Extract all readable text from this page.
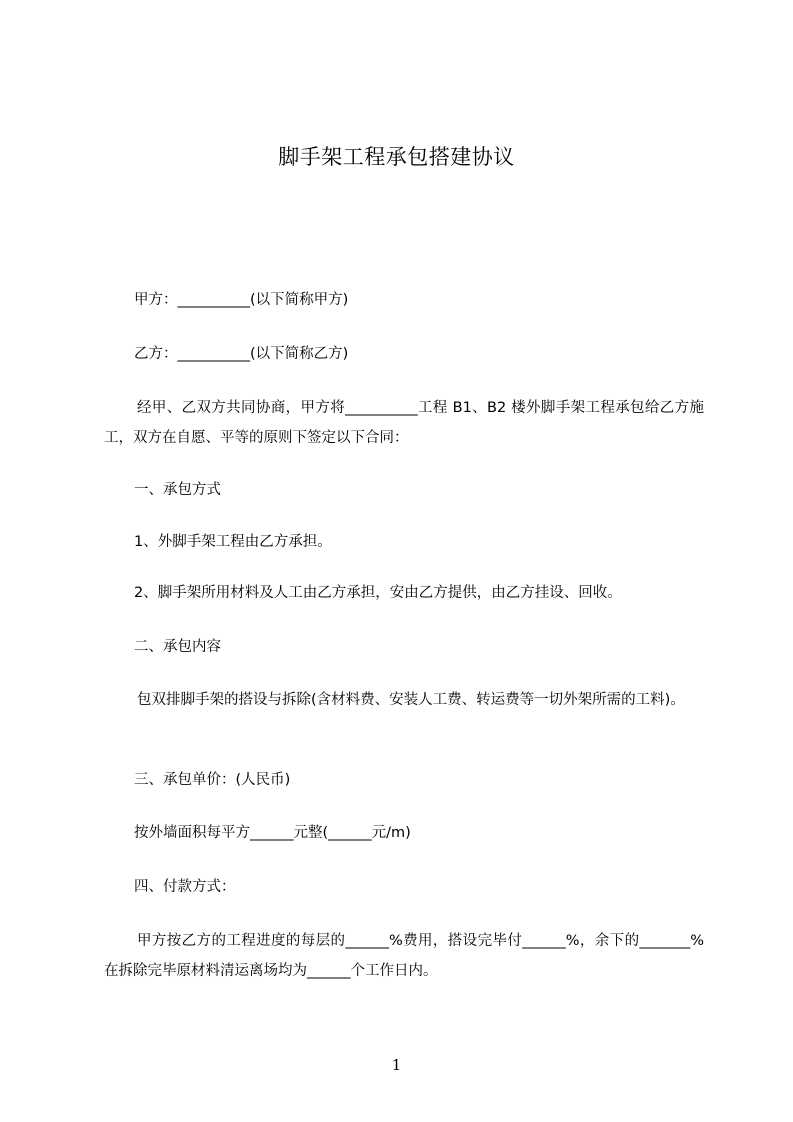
脚手架工程承包搭建协议
甲方：__________(以下简称甲方)
乙方：__________(以下简称乙方)
经甲、乙双方共同协商，甲方将__________工程 B1、B2 楼外脚手架工程承包给乙方施工，双方在自愿、平等的原则下签定以下合同：
一、承包方式
1、外脚手架工程由乙方承担。
2、脚手架所用材料及人工由乙方承担，安由乙方提供，由乙方挂设、回收。
二、承包内容
包双排脚手架的搭设与拆除(含材料费、安装人工费、转运费等一切外架所需的工料)。
三、承包单价：(人民币)
按外墙面积每平方______元整(______元/m)
四、付款方式：
甲方按乙方的工程进度的每层的______%费用，搭设完毕付______%，余下的_______%在拆除完毕原材料清运离场均为______个工作日内。
1
